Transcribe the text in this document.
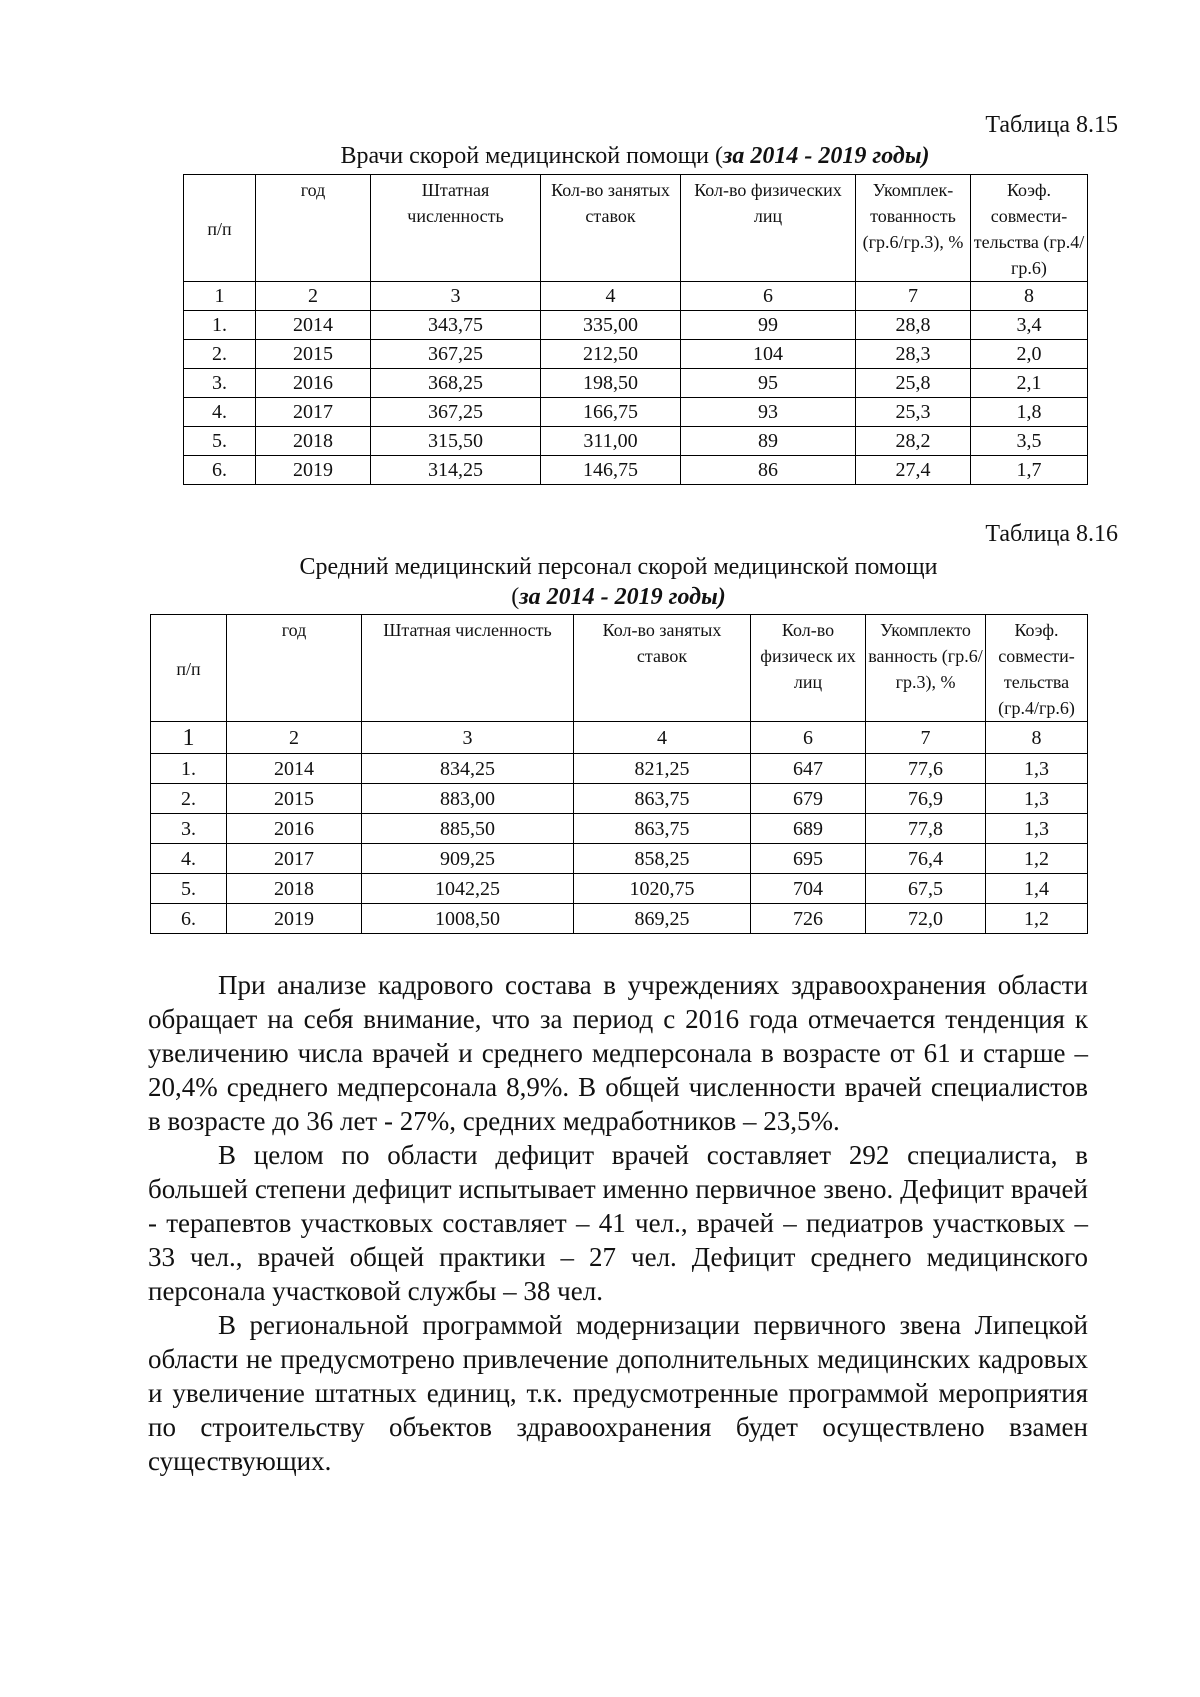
Таблица 8.15
Врачи скорой медицинской помощи (за 2014 - 2019 годы)
п/п	год	Штатная численность	Кол-во занятых ставок	Кол-во физических лиц	Укомплектованность (гр.6/гр.3), %	Коэф. совместительства (гр.4/гр.6)
1	2	3	4	6	7	8
1.	2014	343,75	335,00	99	28,8	3,4
2.	2015	367,25	212,50	104	28,3	2,0
3.	2016	368,25	198,50	95	25,8	2,1
4.	2017	367,25	166,75	93	25,3	1,8
5.	2018	315,50	311,00	89	28,2	3,5
6.	2019	314,25	146,75	86	27,4	1,7
Таблица 8.16
Средний медицинский персонал скорой медицинской помощи
(за 2014 - 2019 годы)
п/п	год	Штатная численность	Кол-во занятых ставок	Кол-во физическ их лиц	Укомплекто ванность (гр.6/гр.3), %	Коэф. совместительства (гр.4/гр.6)
1	2	3	4	6	7	8
1.	2014	834,25	821,25	647	77,6	1,3
2.	2015	883,00	863,75	679	76,9	1,3
3.	2016	885,50	863,75	689	77,8	1,3
4.	2017	909,25	858,25	695	76,4	1,2
5.	2018	1042,25	1020,75	704	67,5	1,4
6.	2019	1008,50	869,25	726	72,0	1,2

При анализе кадрового состава в учреждениях здравоохранения области обращает на себя внимание, что за период с 2016 года отмечается тенденция к увеличению числа врачей и среднего медперсонала в возрасте от 61 и старше – 20,4% среднего медперсонала 8,9%. В общей численности врачей специалистов в возрасте до 36 лет - 27%, средних медработников – 23,5%.

В целом по области дефицит врачей составляет 292 специалиста, в большей степени дефицит испытывает именно первичное звено. Дефицит врачей - терапевтов участковых составляет – 41 чел., врачей – педиатров участковых – 33 чел., врачей общей практики – 27 чел. Дефицит среднего медицинского персонала участковой службы – 38 чел.

В региональной программой модернизации первичного звена Липецкой области не предусмотрено привлечение дополнительных медицинских кадровых и увеличение штатных единиц, т.к. предусмотренные программой мероприятия по строительству объектов здравоохранения будет осуществлено взамен существующих.
